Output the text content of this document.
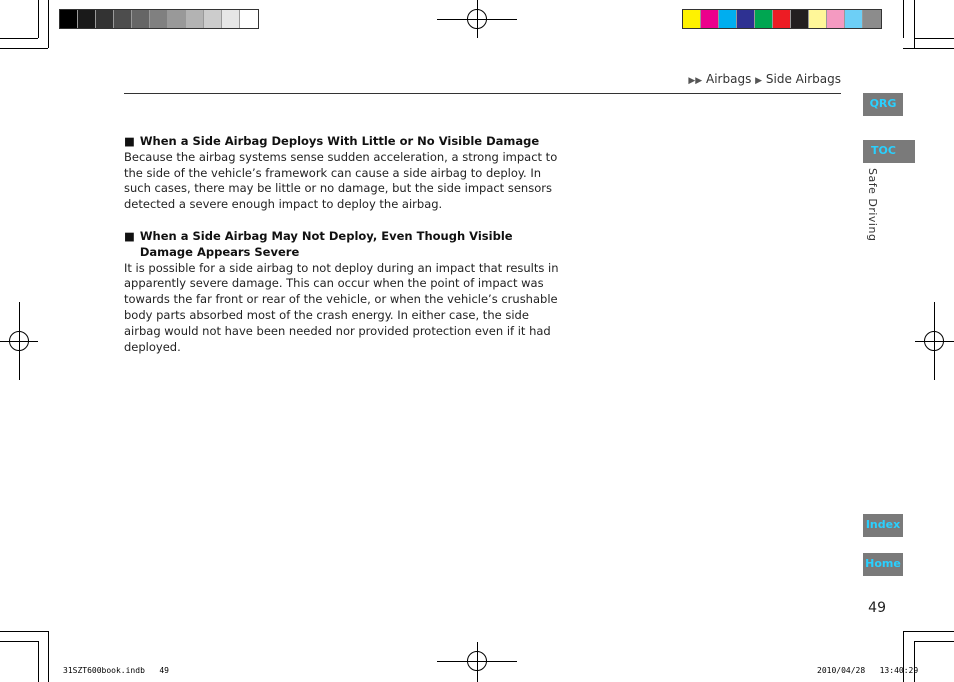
▶▶ Airbags ▶ Side Airbags
QRG
TOC
Safe Driving
Index
Home
■ When a Side Airbag Deploys With Little or No Visible Damage

Because the airbag systems sense sudden acceleration, a strong impact to the side of the vehicle’s framework can cause a side airbag to deploy. In such cases, there may be little or no damage, but the side impact sensors detected a severe enough impact to deploy the airbag.

■ When a Side Airbag May Not Deploy, Even Though Visible Damage Appears Severe

It is possible for a side airbag to not deploy during an impact that results in apparently severe damage. This can occur when the point of impact was towards the far front or rear of the vehicle, or when the vehicle’s crushable body parts absorbed most of the crash energy. In either case, the side airbag would not have been needed nor provided protection even if it had deployed.

49
31SZT600book.indb   49	2010/04/28   13:40:29
